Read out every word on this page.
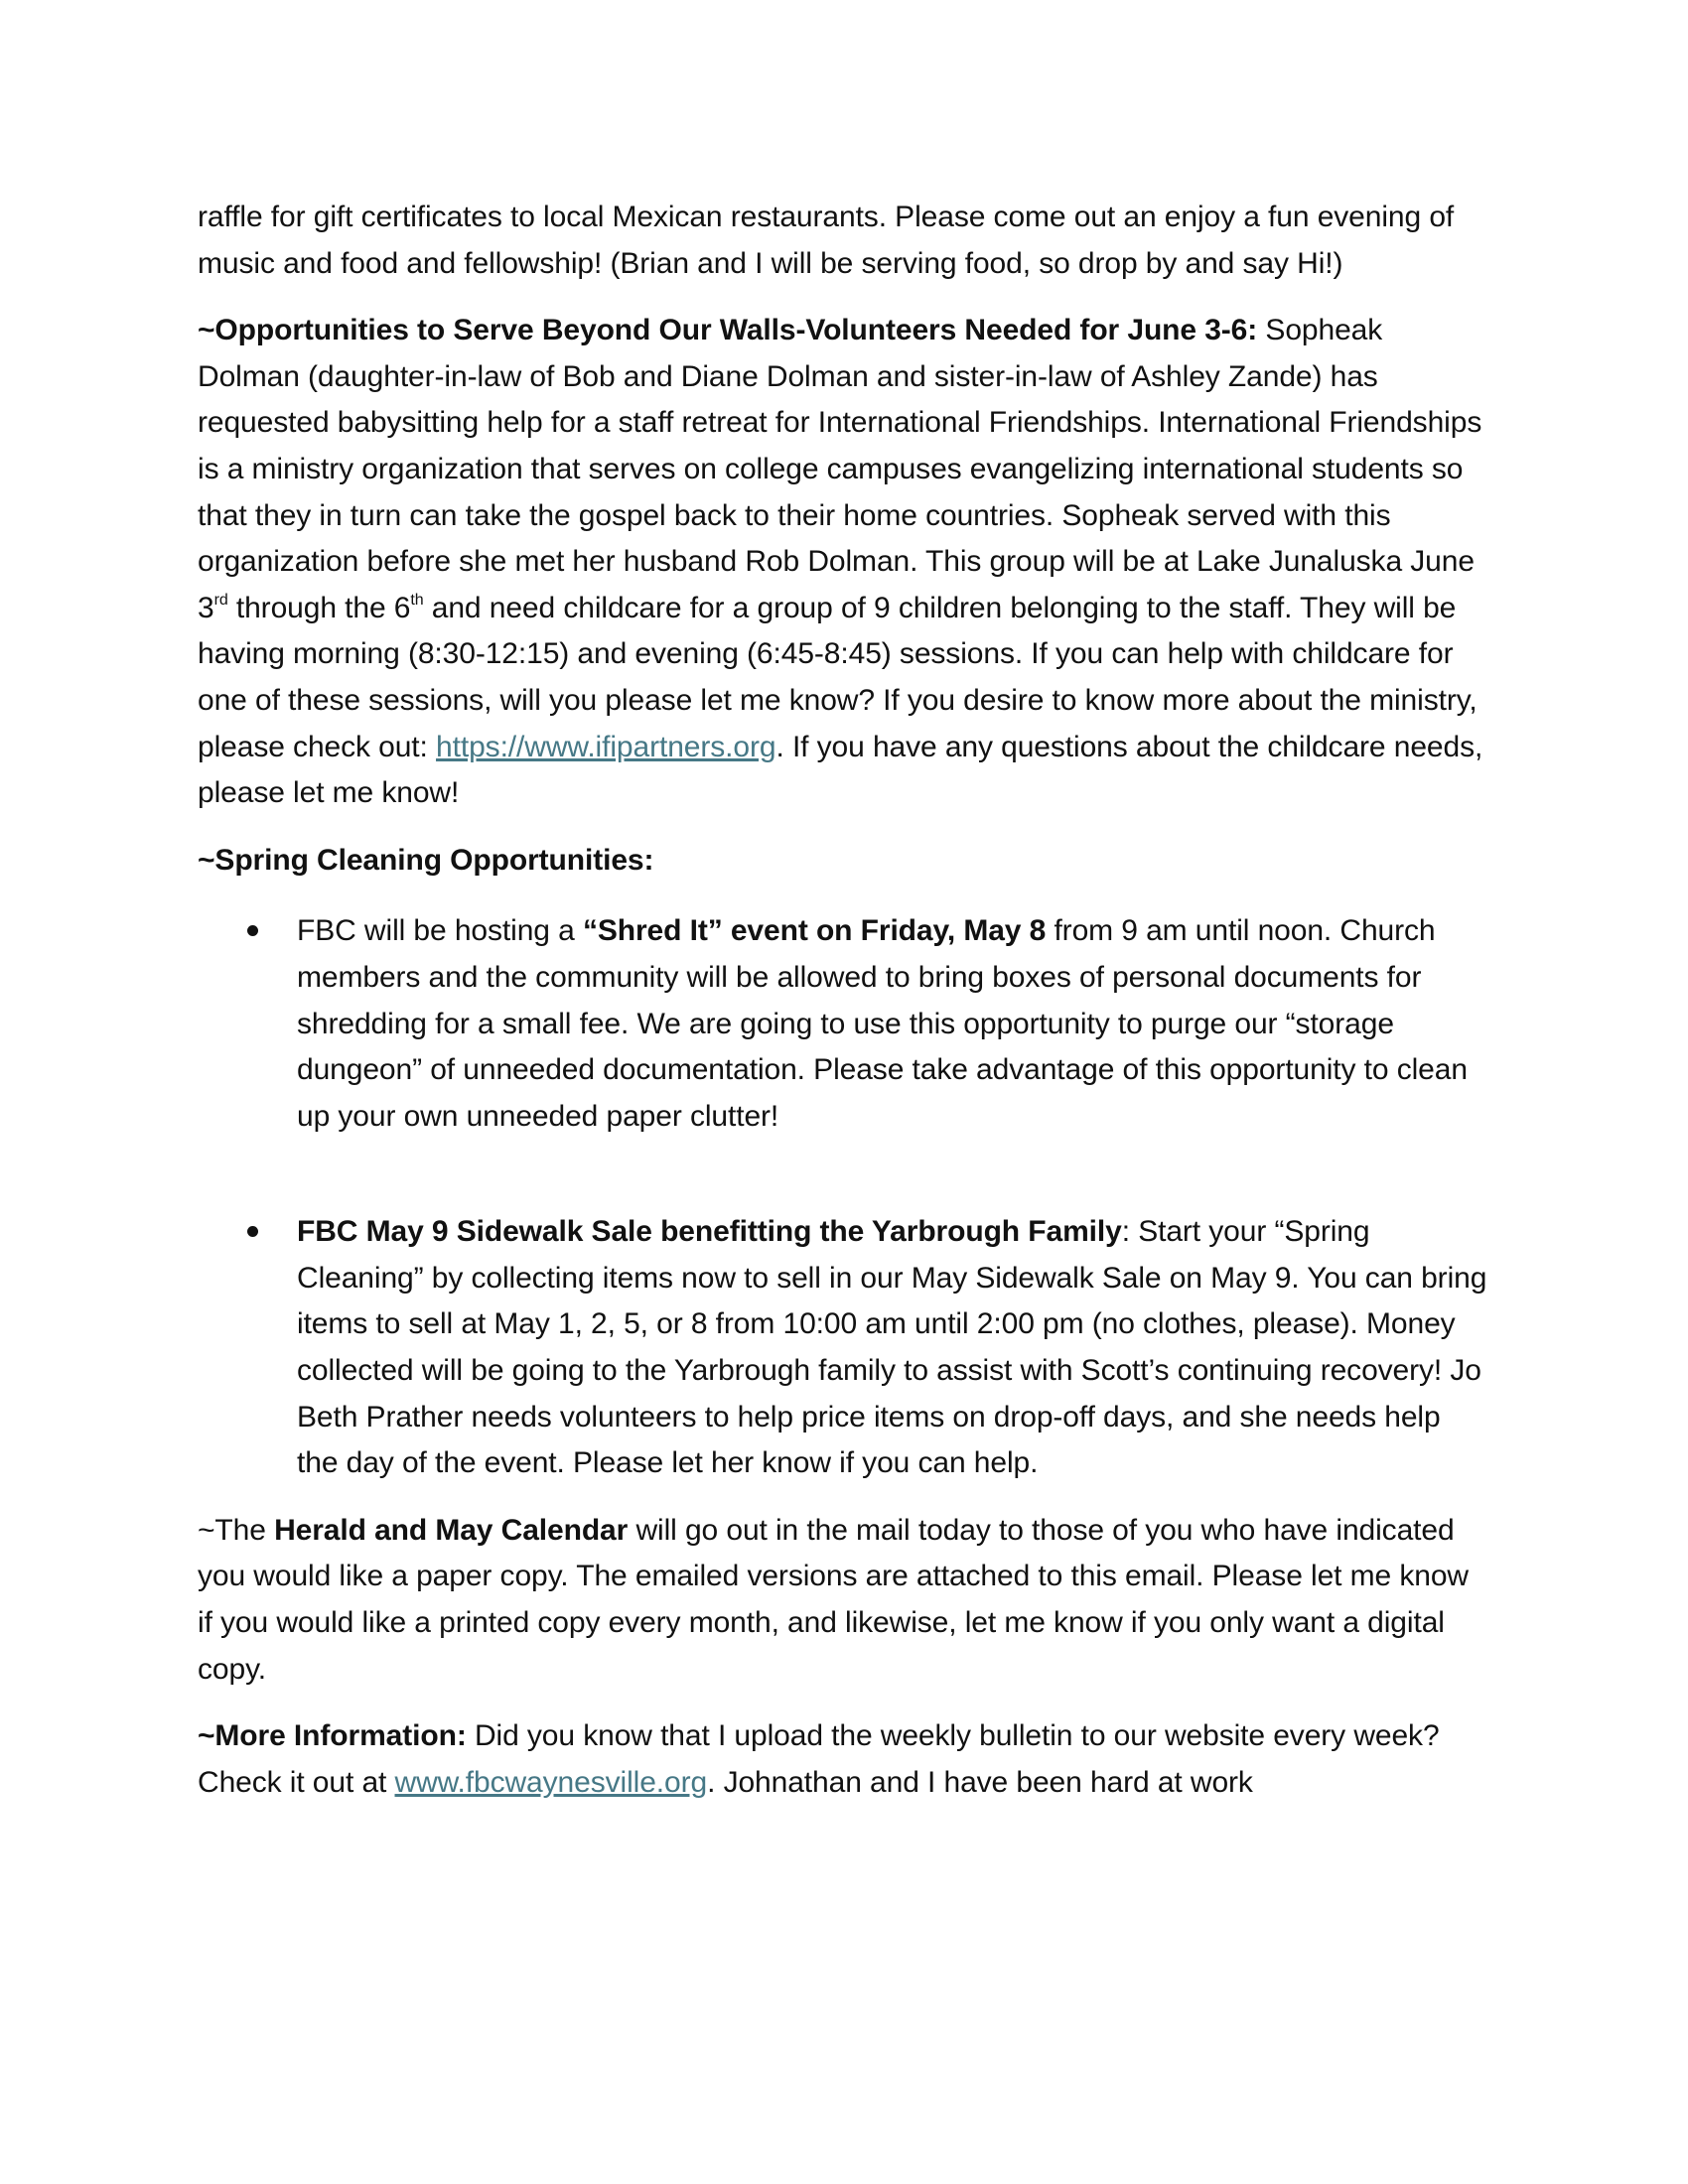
raffle for gift certificates to local Mexican restaurants. Please come out an enjoy a fun evening of music and food and fellowship! (Brian and I will be serving food, so drop by and say Hi!)

~Opportunities to Serve Beyond Our Walls-Volunteers Needed for June 3-6: Sopheak Dolman (daughter-in-law of Bob and Diane Dolman and sister-in-law of Ashley Zande) has requested babysitting help for a staff retreat for International Friendships. International Friendships is a ministry organization that serves on college campuses evangelizing international students so that they in turn can take the gospel back to their home countries. Sopheak served with this organization before she met her husband Rob Dolman. This group will be at Lake Junaluska June 3rd through the 6th and need childcare for a group of 9 children belonging to the staff. They will be having morning (8:30-12:15) and evening (6:45-8:45) sessions. If you can help with childcare for one of these sessions, will you please let me know? If you desire to know more about the ministry, please check out: https://www.ifipartners.org. If you have any questions about the childcare needs, please let me know!

~Spring Cleaning Opportunities:

FBC will be hosting a “Shred It” event on Friday, May 8 from 9 am until noon. Church members and the community will be allowed to bring boxes of personal documents for shredding for a small fee. We are going to use this opportunity to purge our “storage dungeon” of unneeded documentation. Please take advantage of this opportunity to clean up your own unneeded paper clutter!

FBC May 9 Sidewalk Sale benefitting the Yarbrough Family: Start your “Spring Cleaning” by collecting items now to sell in our May Sidewalk Sale on May 9. You can bring items to sell at May 1, 2, 5, or 8 from 10:00 am until 2:00 pm (no clothes, please). Money collected will be going to the Yarbrough family to assist with Scott’s continuing recovery! Jo Beth Prather needs volunteers to help price items on drop-off days, and she needs help the day of the event. Please let her know if you can help.

~The Herald and May Calendar will go out in the mail today to those of you who have indicated you would like a paper copy. The emailed versions are attached to this email. Please let me know if you would like a printed copy every month, and likewise, let me know if you only want a digital copy.

~More Information: Did you know that I upload the weekly bulletin to our website every week? Check it out at www.fbcwaynesville.org. Johnathan and I have been hard at work
